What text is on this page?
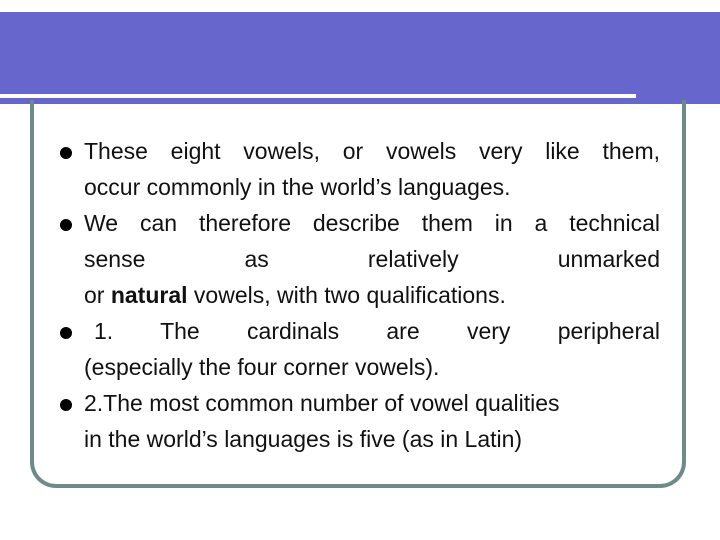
These eight vowels, or vowels very like them,
occur commonly in the world’s languages.
We can therefore describe them in a technical
sense as relatively unmarked
or natural vowels, with two qualifications.
1. The cardinals are very peripheral
(especially the four corner vowels).
2.The most common number of vowel qualities
in the world’s languages is five (as in Latin)
